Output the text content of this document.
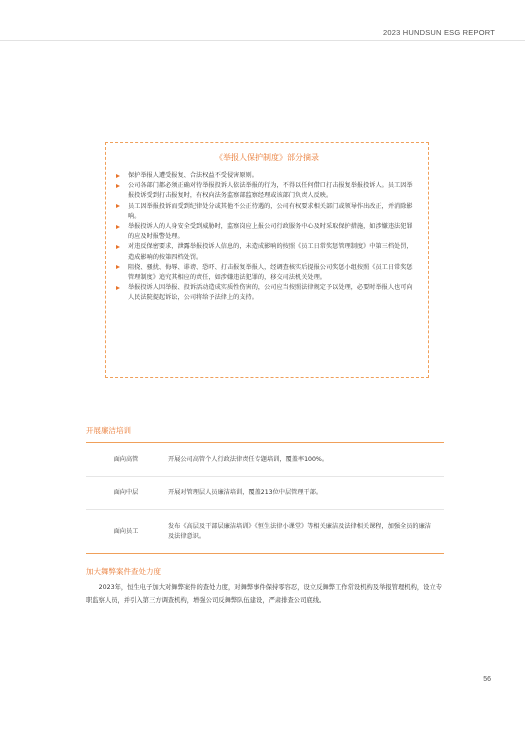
2023 HUNDSUN ESG REPORT
《举报人保护制度》部分摘录
保护举报人遭受报复、合法权益不受侵害原则。
公司各部门都必须正确对待举报投诉人依法举报的行为，不得以任何借口打击报复举报投诉人。员工因举报投诉受到打击报复时，有权向法务监察部监察经理或该部门负责人反映。
员工因举报投诉而受到纪律处分或其他不公正待遇的，公司有权要求相关部门或领导作出改正，并消除影响。
举报投诉人的人身安全受到威胁时，监察岗应上报公司行政服务中心及时采取保护措施，如涉嫌违法犯罪的应及时报警处理。
对违反保密要求，泄露举报投诉人信息的，未造成影响的按照《员工日常奖惩管理制度》中第三档处罚，造成影响的按第四档处罚。
阻挠、骚扰、侮辱、诽谤、恐吓、打击报复举报人，经调查核实后提报公司奖惩小组按照《员工日常奖惩管理制度》追究其相应的责任，如涉嫌违法犯罪的，移交司法机关处理。
举报投诉人因举报、投诉活动造成实质性伤害的，公司应当按照法律规定予以处理，必要时举报人也可向人民法院提起诉讼，公司将给予法律上的支持。
开展廉洁培训
面向高管	开展公司高管个人行政法律责任专题培训，覆盖率100%。
面向中层	开展对管理层人员廉洁培训，覆盖213位中层管理干部。
面向员工	发布《高层及干部层廉洁培训》《恒生法律小课堂》等相关廉洁及法律相关课程，加强全员的廉洁及法律意识。
加大舞弊案件查处力度

2023年，恒生电子加大对舞弊案件的查处力度，对舞弊事件保持零容忍，设立反舞弊工作常设机构及举报管理机构，设立专职监察人员，并引入第三方调查机构，增强公司反舞弊队伍建设，严肃排查公司底线。

56
